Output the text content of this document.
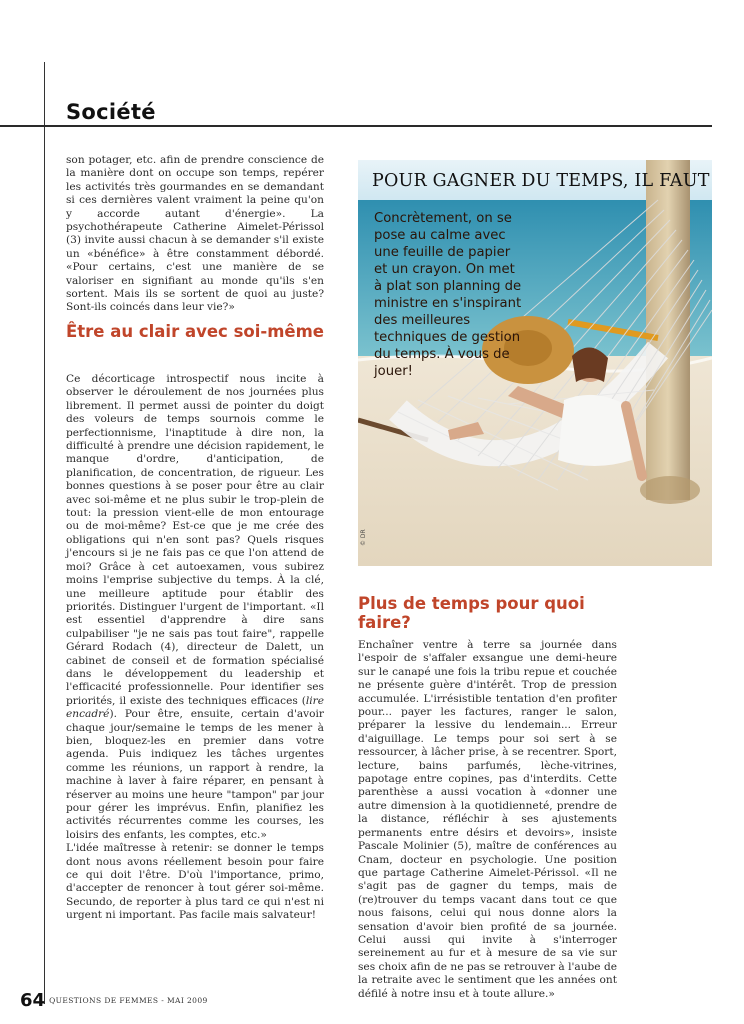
Société

son potager, etc. afin de prendre conscience de la manière dont on occupe son temps, repérer les activités très gourmandes en se demandant si ces dernières valent vraiment la peine qu'on y accorde autant d'énergie». La psychothérapeute Catherine Aimelet-Périssol (3) invite aussi chacun à se demander s'il existe un «bénéfice» à être constamment débordé. «Pour certains, c'est une manière de se valoriser en signifiant au monde qu'ils s'en sortent. Mais ils se sortent de quoi au juste? Sont-ils coincés dans leur vie?»

Être au clair avec soi-même

Ce décorticage introspectif nous incite à observer le déroulement de nos journées plus librement. Il permet aussi de pointer du doigt des voleurs de temps sournois comme le perfectionnisme, l'inaptitude à dire non, la difficulté à prendre une décision rapidement, le manque d'ordre, d'anticipation, de planification, de concentration, de rigueur. Les bonnes questions à se poser pour être au clair avec soi-même et ne plus subir le trop-plein de tout: la pression vient-elle de mon entourage ou de moi-même? Est-ce que je me crée des obligations qui n'en sont pas? Quels risques j'encours si je ne fais pas ce que l'on attend de moi? Grâce à cet autoexamen, vous subirez moins l'emprise subjective du temps. À la clé, une meilleure aptitude pour établir des priorités. Distinguer l'urgent de l'important. «Il est essentiel d'apprendre à dire sans culpabiliser "je ne sais pas tout faire", rappelle Gérard Rodach (4), directeur de Dalett, un cabinet de conseil et de formation spécialisé dans le développement du leadership et l'efficacité professionnelle. Pour identifier ses priorités, il existe des techniques efficaces (lire encadré). Pour être, ensuite, certain d'avoir chaque jour/semaine le temps de les mener à bien, bloquez-les en premier dans votre agenda. Puis indiquez les tâches urgentes comme les réunions, un rapport à rendre, la machine à laver à faire réparer, en pensant à réserver au moins une heure "tampon" par jour pour gérer les imprévus. Enfin, planifiez les activités récurrentes comme les courses, les loisirs des enfants, les comptes, etc.»

L'idée maîtresse à retenir: se donner le temps dont nous avons réellement besoin pour faire ce qui doit l'être. D'où l'importance, primo, d'accepter de renoncer à tout gérer soi-même. Secundo, de reporter à plus tard ce qui n'est ni urgent ni important. Pas facile mais salvateur!

POUR GAGNER DU TEMPS, IL FAUT
Concrètement, on se pose au calme avec une feuille de papier et un crayon. On met à plat son planning de ministre en s'inspirant des meilleures techniques de gestion du temps. À vous de jouer!
© DR
Plus de temps pour quoi faire?

Enchaîner ventre à terre sa journée dans l'espoir de s'affaler exsangue une demi-heure sur le canapé une fois la tribu repue et couchée ne présente guère d'intérêt. Trop de pression accumulée. L'irrésistible tentation d'en profiter pour... payer les factures, ranger le salon, préparer la lessive du lendemain... Erreur d'aiguillage. Le temps pour soi sert à se ressourcer, à lâcher prise, à se recentrer. Sport, lecture, bains parfumés, lèche-vitrines, papotage entre copines, pas d'interdits. Cette parenthèse a aussi vocation à «donner une autre dimension à la quotidienneté, prendre de la distance, réfléchir à ses ajustements permanents entre désirs et devoirs», insiste Pascale Molinier (5), maître de conférences au Cnam, docteur en psychologie. Une position que partage Catherine Aimelet-Périssol. «Il ne s'agit pas de gagner du temps, mais de (re)trouver du temps vacant dans tout ce que nous faisons, celui qui nous donne alors la sensation d'avoir bien profité de sa journée. Celui aussi qui invite à s'interroger sereinement au fur et à mesure de sa vie sur ses choix afin de ne pas se retrouver à l'aube de la retraite avec le sentiment que les années ont défilé à notre insu et à toute allure.»

64 QUESTIONS DE FEMMES - MAI 2009
